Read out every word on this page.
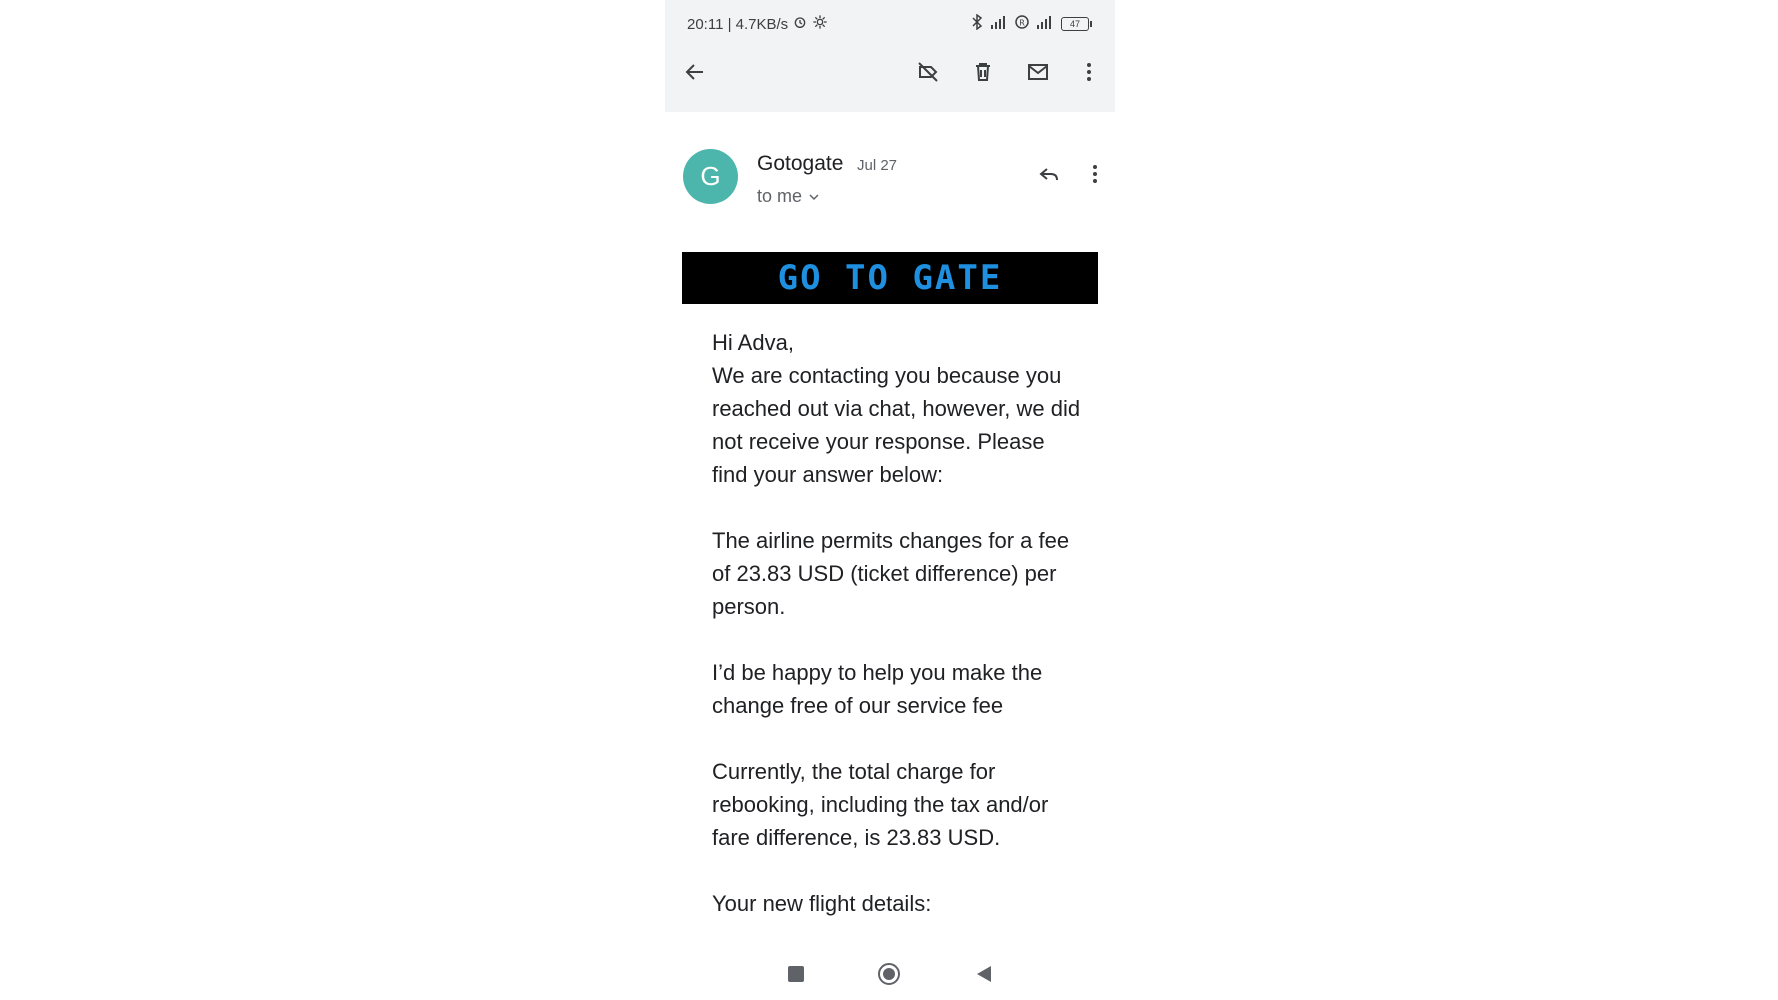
20:11 | 4.7KB/s	R	47
G	Gotogate Jul 27
to me
GO TO GATE
Hi Adva,

We are contacting you because you reached out via chat, however, we did not receive your response. Please find your answer below:

The airline permits changes for a fee of 23.83 USD (ticket difference) per person.

I’d be happy to help you make the change free of our service fee

Currently, the total charge for rebooking, including the tax and/or fare difference, is 23.83 USD.

Your new flight details:
